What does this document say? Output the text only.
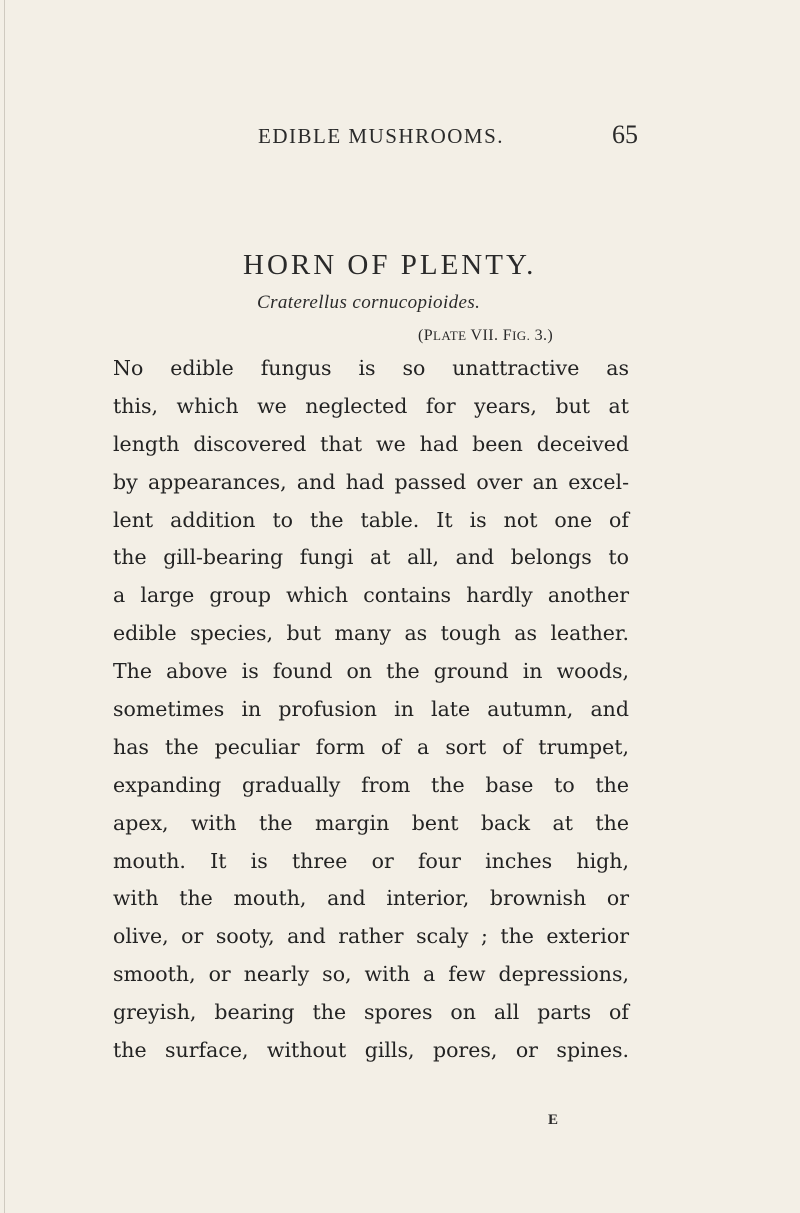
EDIBLE MUSHROOMS.	65
HORN OF PLENTY.
Craterellus cornucopioides.
(PLATE VII. FIG. 3.)
No edible fungus is so unattractive as
this, which we neglected for years, but at
length discovered that we had been deceived
by appearances, and had passed over an excel-
lent addition to the table. It is not one of
the gill-bearing fungi at all, and belongs to
a large group which contains hardly another
edible species, but many as tough as leather.
The above is found on the ground in woods,
sometimes in profusion in late autumn, and
has the peculiar form of a sort of trumpet,
expanding gradually from the base to the
apex, with the margin bent back at the
mouth. It is three or four inches high,
with the mouth, and interior, brownish or
olive, or sooty, and rather scaly ; the exterior
smooth, or nearly so, with a few depressions,
greyish, bearing the spores on all parts of
the surface, without gills, pores, or spines.
E
